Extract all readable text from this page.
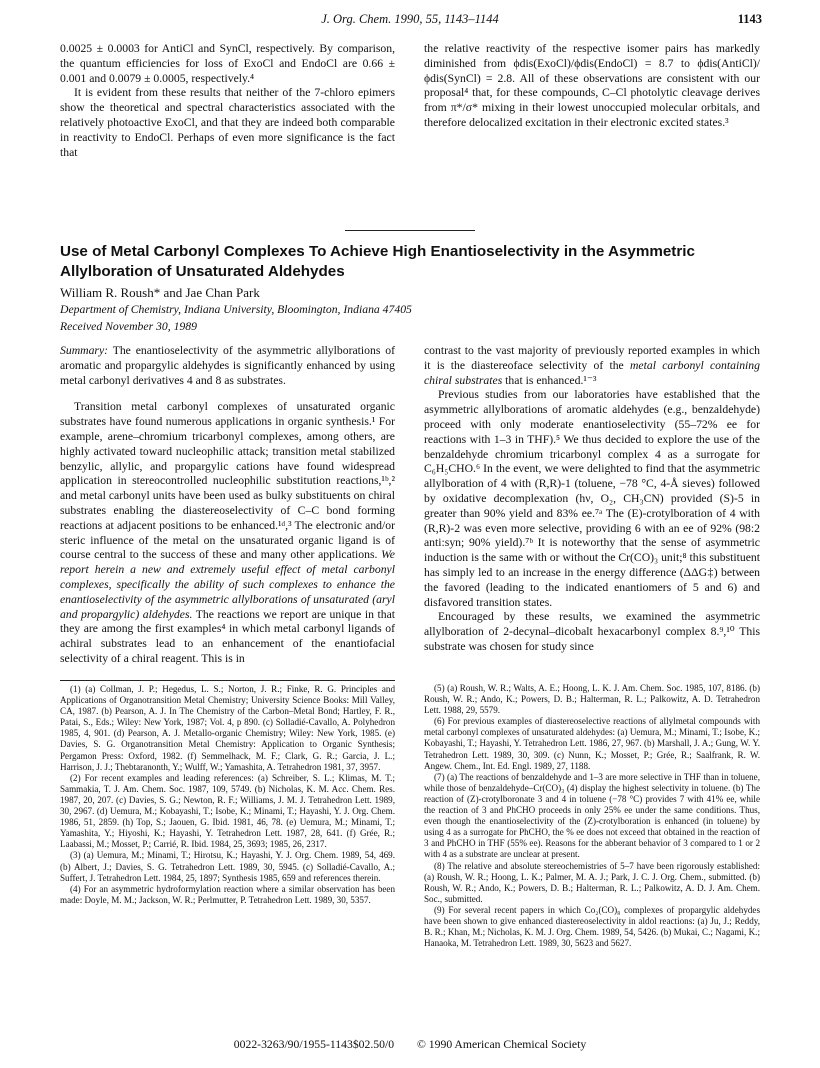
J. Org. Chem. 1990, 55, 1143–1144	1143

0.0025 ± 0.0003 for AntiCl and SynCl, respectively. By comparison, the quantum efficiencies for loss of ExoCl and EndoCl are 0.66 ± 0.001 and 0.0079 ± 0.0005, respectively.⁴

It is evident from these results that neither of the 7-chloro epimers show the theoretical and spectral characteristics associated with the relatively photoactive ExoCl, and that they are indeed both comparable in reactivity to EndoCl. Perhaps of even more significance is the fact that

the relative reactivity of the respective isomer pairs has markedly diminished from ϕdis(ExoCl)/ϕdis(EndoCl) = 8.7 to ϕdis(AntiCl)/ϕdis(SynCl) = 2.8. All of these observations are consistent with our proposal⁴ that, for these compounds, C–Cl photolytic cleavage derives from π*/σ* mixing in their lowest unoccupied molecular orbitals, and therefore delocalized excitation in their electronic excited states.³

Use of Metal Carbonyl Complexes To Achieve High Enantioselectivity in the Asymmetric Allylboration of Unsaturated Aldehydes
William R. Roush* and Jae Chan Park
Department of Chemistry, Indiana University, Bloomington, Indiana 47405
Received November 30, 1989

Summary: The enantioselectivity of the asymmetric allylborations of aromatic and propargylic aldehydes is significantly enhanced by using metal carbonyl derivatives 4 and 8 as substrates.

Transition metal carbonyl complexes of unsaturated organic substrates have found numerous applications in organic synthesis.¹ For example, arene–chromium tricarbonyl complexes, among others, are highly activated toward nucleophilic attack; transition metal stabilized benzylic, allylic, and propargylic cations have found widespread application in stereocontrolled nucleophilic substitution reactions,¹ᵇ,² and metal carbonyl units have been used as bulky substituents on chiral substrates enabling the diastereoselectivity of C–C bond forming reactions at adjacent positions to be enhanced.¹ᵈ,³ The electronic and/or steric influence of the metal on the unsaturated organic ligand is of course central to the success of these and many other applications. We report herein a new and extremely useful effect of metal carbonyl complexes, specifically the ability of such complexes to enhance the enantioselectivity of the asymmetric allylborations of unsaturated (aryl and propargylic) aldehydes. The reactions we report are unique in that they are among the first examples⁴ in which metal carbonyl ligands of achiral substrates lead to an enhancement of the enantiofacial selectivity of a chiral reagent. This is in

contrast to the vast majority of previously reported examples in which it is the diastereoface selectivity of the metal carbonyl containing chiral substrates that is enhanced.¹⁻³

Previous studies from our laboratories have established that the asymmetric allylborations of aromatic aldehydes (e.g., benzaldehyde) proceed with only moderate enantioselectivity (55–72% ee for reactions with 1–3 in THF).⁵ We thus decided to explore the use of the benzaldehyde chromium tricarbonyl complex 4 as a surrogate for C₆H₅CHO.⁶ In the event, we were delighted to find that the asymmetric allylboration of 4 with (R,R)-1 (toluene, −78 °C, 4-Å sieves) followed by oxidative decomplexation (hν, O₂, CH₃CN) provided (S)-5 in greater than 90% yield and 83% ee.⁷ᵃ The (E)-crotylboration of 4 with (R,R)-2 was even more selective, providing 6 with an ee of 92% (98:2 anti:syn; 90% yield).⁷ᵇ It is noteworthy that the sense of asymmetric induction is the same with or without the Cr(CO)₃ unit;⁸ this substituent has simply led to an increase in the energy difference (ΔΔG‡) between the favored (leading to the indicated enantiomers of 5 and 6) and disfavored transition states.

Encouraged by these results, we examined the asymmetric allylboration of 2-decynal–dicobalt hexacarbonyl complex 8.⁹,¹⁰ This substrate was chosen for study since

(1) (a) Collman, J. P.; Hegedus, L. S.; Norton, J. R.; Finke, R. G. Principles and Applications of Organotransition Metal Chemistry; University Science Books: Mill Valley, CA, 1987. (b) Pearson, A. J. In The Chemistry of the Carbon–Metal Bond; Hartley, F. R., Patai, S., Eds.; Wiley: New York, 1987; Vol. 4, p 890. (c) Solladié-Cavallo, A. Polyhedron 1985, 4, 901. (d) Pearson, A. J. Metallo-organic Chemistry; Wiley: New York, 1985. (e) Davies, S. G. Organotransition Metal Chemistry: Application to Organic Synthesis; Pergamon Press: Oxford, 1982. (f) Semmelhack, M. F.; Clark, G. R.; Garcia, J. L.; Harrison, J. J.; Thebtaranonth, Y.; Wulff, W.; Yamashita, A. Tetrahedron 1981, 37, 3957.

(2) For recent examples and leading references: (a) Schreiber, S. L.; Klimas, M. T.; Sammakia, T. J. Am. Chem. Soc. 1987, 109, 5749. (b) Nicholas, K. M. Acc. Chem. Res. 1987, 20, 207. (c) Davies, S. G.; Newton, R. F.; Williams, J. M. J. Tetrahedron Lett. 1989, 30, 2967. (d) Uemura, M.; Kobayashi, T.; Isobe, K.; Minami, T.; Hayashi, Y. J. Org. Chem. 1986, 51, 2859. (h) Top, S.; Jaouen, G. Ibid. 1981, 46, 78. (e) Uemura, M.; Minami, T.; Yamashita, Y.; Hiyoshi, K.; Hayashi, Y. Tetrahedron Lett. 1987, 28, 641. (f) Grée, R.; Laabassi, M.; Mosset, P.; Carrié, R. Ibid. 1984, 25, 3693; 1985, 26, 2317.

(3) (a) Uemura, M.; Minami, T.; Hirotsu, K.; Hayashi, Y. J. Org. Chem. 1989, 54, 469. (b) Albert, J.; Davies, S. G. Tetrahedron Lett. 1989, 30, 5945. (c) Solladié-Cavallo, A.; Suffert, J. Tetrahedron Lett. 1984, 25, 1897; Synthesis 1985, 659 and references therein.

(4) For an asymmetric hydroformylation reaction where a similar observation has been made: Doyle, M. M.; Jackson, W. R.; Perlmutter, P. Tetrahedron Lett. 1989, 30, 5357.

(5) (a) Roush, W. R.; Walts, A. E.; Hoong, L. K. J. Am. Chem. Soc. 1985, 107, 8186. (b) Roush, W. R.; Ando, K.; Powers, D. B.; Halterman, R. L.; Palkowitz, A. D. Tetrahedron Lett. 1988, 29, 5579.

(6) For previous examples of diastereoselective reactions of allylmetal compounds with metal carbonyl complexes of unsaturated aldehydes: (a) Uemura, M.; Minami, T.; Isobe, K.; Kobayashi, T.; Hayashi, Y. Tetrahedron Lett. 1986, 27, 967. (b) Marshall, J. A.; Gung, W. Y. Tetrahedron Lett. 1989, 30, 309. (c) Nunn, K.; Mosset, P.; Grée, R.; Saalfrank, R. W. Angew. Chem., Int. Ed. Engl. 1989, 27, 1188.

(7) (a) The reactions of benzaldehyde and 1–3 are more selective in THF than in toluene, while those of benzaldehyde–Cr(CO)₃ (4) display the highest selectivity in toluene. (b) The reaction of (Z)-crotylboronate 3 and 4 in toluene (−78 °C) provides 7 with 41% ee, while the reaction of 3 and PhCHO proceeds in only 25% ee under the same conditions. Thus, even though the enantioselectivity of the (Z)-crotylboration is enhanced (in toluene) by using 4 as a surrogate for PhCHO, the % ee does not exceed that obtained in the reaction of 3 and PhCHO in THF (55% ee). Reasons for the abberant behavior of 3 compared to 1 or 2 with 4 as a substrate are unclear at present.

(8) The relative and absolute stereochemistries of 5–7 have been rigorously established: (a) Roush, W. R.; Hoong, L. K.; Palmer, M. A. J.; Park, J. C. J. Org. Chem., submitted. (b) Roush, W. R.; Ando, K.; Powers, D. B.; Halterman, R. L.; Palkowitz, A. D. J. Am. Chem. Soc., submitted.

(9) For several recent papers in which Co₂(CO)₈ complexes of propargylic aldehydes have been shown to give enhanced diastereoselectivity in aldol reactions: (a) Ju, J.; Reddy, B. R.; Khan, M.; Nicholas, K. M. J. Org. Chem. 1989, 54, 5426. (b) Mukai, C.; Nagami, K.; Hanaoka, M. Tetrahedron Lett. 1989, 30, 5623 and 5627.

0022-3263/90/1955-1143$02.50/0 © 1990 American Chemical Society
